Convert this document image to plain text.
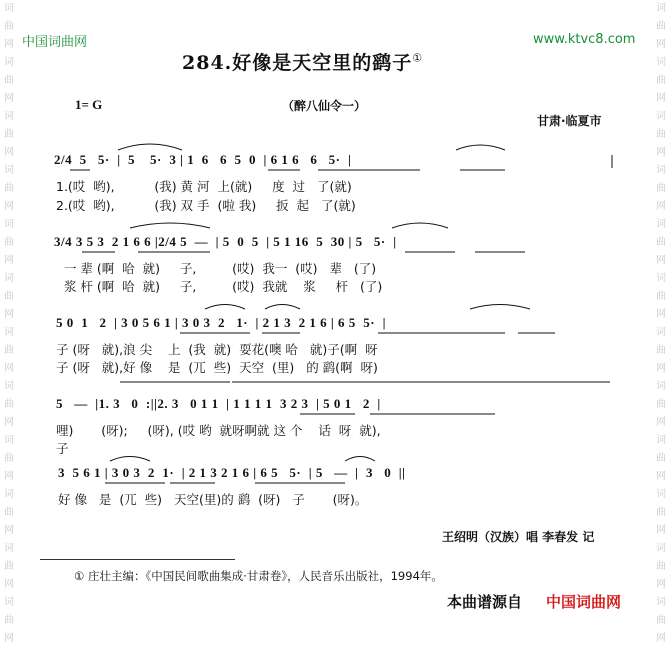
词
曲
网
词
曲
网
词
曲
网
词
曲
网
词
曲
网
词
曲
网
词
曲
网
词
曲
网
词
曲
网
词
曲
网
词
曲
网
词
曲
网

词
曲
网
词
曲
网
词
曲
网
词
曲
网
词
曲
网
词
曲
网
词
曲
网
词
曲
网
词
曲
网
词
曲
网
词
曲
网
词
曲
网

中国词曲网	www.ktvc8.com
284.好像是天空里的鹞子①
1= G	（醉八仙令一）
甘肃·临夏市
2/4  5   5·  |  5    5·  3 | 1  6   6  5  0  | 6 1 6   6   5·  |
1.(哎  哟),          (我) 黄 河  上(就)     度  过   了(就)
2.(哎  哟),          (我) 双 手  (啦 我)     扳  起   了(就)
3/4 3 5 3  2 1 6 6 |2/4 5  —  | 5  0  5  | 5 1 16  5  30 | 5   5·  |
一 辈 (啊  哈  就)     子,         (哎)  我一  (哎)   辈   (了)
浆 杆 (啊  哈  就)     子,         (哎)  我就    浆     杆   (了)
5 0  1   2  | 3 0 5 6 1 | 3 0 3  2   1·  | 2 1 3  2 1 6 | 6 5  5·  |
子 (呀   就),浪 尖    上  (我  就)  耍花(噢 哈   就)子(啊  呀
子 (呀   就),好 像    是  (兀  些)  天空  (里)   的 鹞(啊  呀)
5   —  |1. 3   0  :||2. 3   0 1 1  | 1 1 1 1  3 2 3  | 5 0 1   2  |
哩)       (呀);     (呀), (哎 哟  就呀啊就 这 个    话  呀  就),
子
3  5 6 1 | 3 0 3  2  1·  | 2 1 3 2 1 6 | 6 5   5·  | 5   —  |  3   0  ||
好 像   是  (兀  些)   天空(里)的 鹞  (呀)   子       (呀)。
王绍明（汉族）唱 李春发 记
① 庄壮主编：《中国民间歌曲集成·甘肃卷》，人民音乐出版社，1994年。
本曲谱源自 中国词曲网
